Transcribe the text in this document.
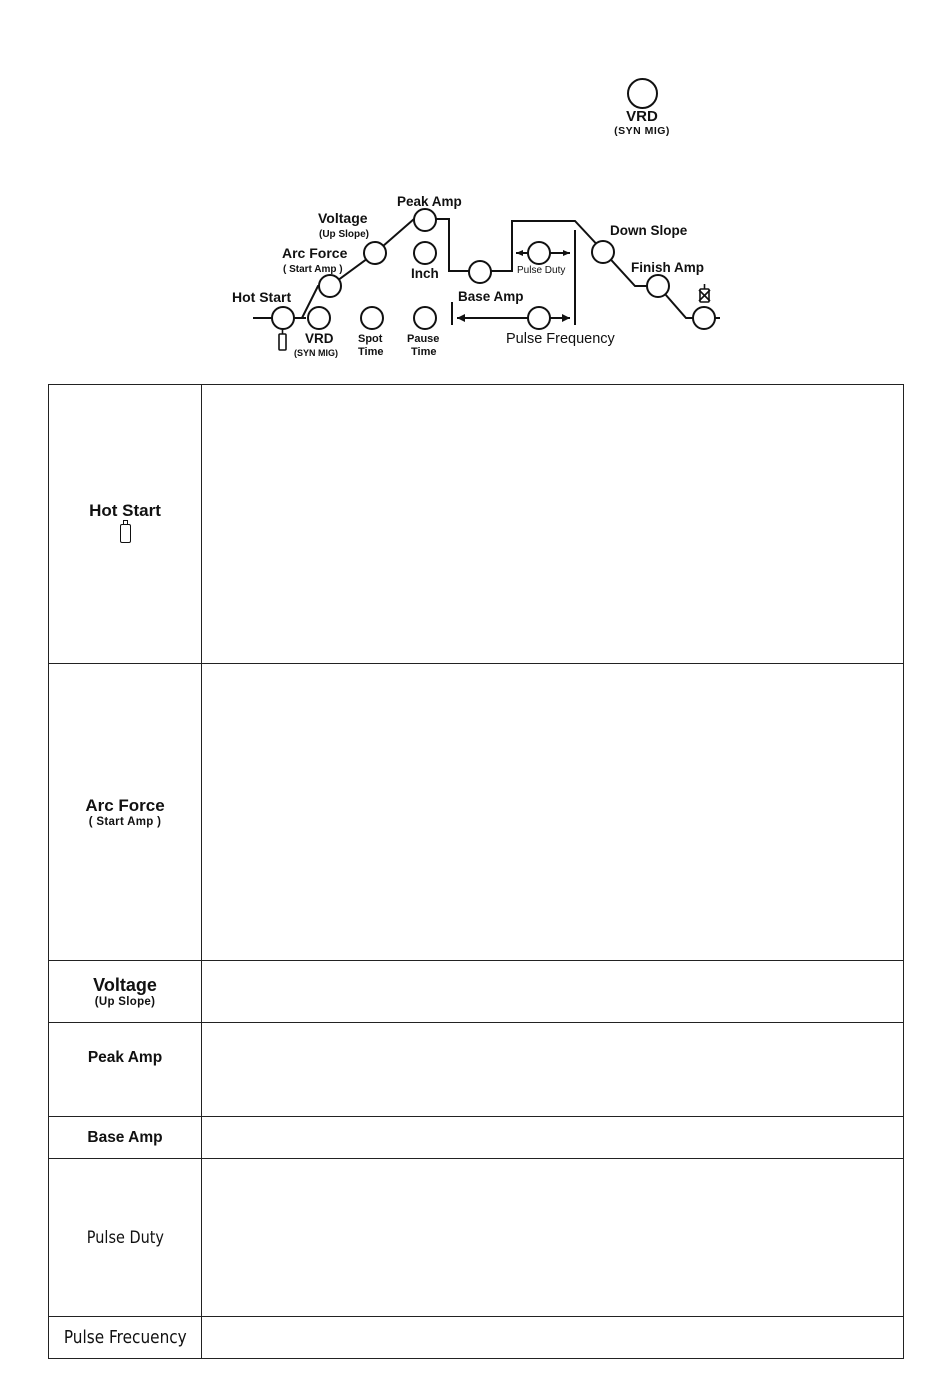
VRD
(SYN MIG)
Hot Start
VRD
(SYN MIG)
Arc Force
( Start Amp )
Voltage
(Up Slope)
Peak Amp
Inch
Spot
Time
Pause
Time
Base Amp
Pulse Duty
Pulse Frequency
Down Slope
Finish Amp
Hot Start	

Arc Force
( Start Amp )	

Voltage
(Up Slope)	

Peak Amp	

Base Amp	

Pulse Duty	
Pulse Frecuency	
